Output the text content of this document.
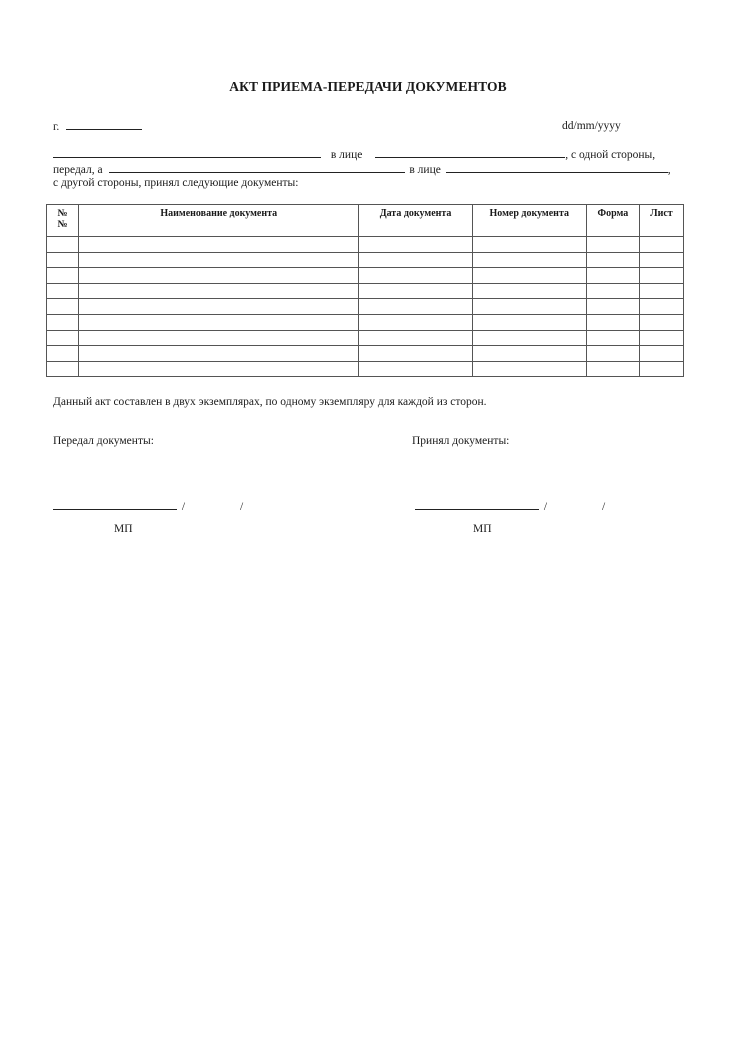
АКТ ПРИЕМА-ПЕРЕДАЧИ ДОКУМЕНТОВ
г.	dd/mm/yyyy
в лице	, с одной стороны,
передал, а	в лице	,
с другой стороны, принял следующие документы:
№ №	Наименование документа	Дата документа	Номер документа	Форма	Лист

Данный акт составлен в двух экземплярах, по одному экземпляру для каждой из сторон.
Передал документы:	Принял документы:
/	/	/	/
МП	МП
